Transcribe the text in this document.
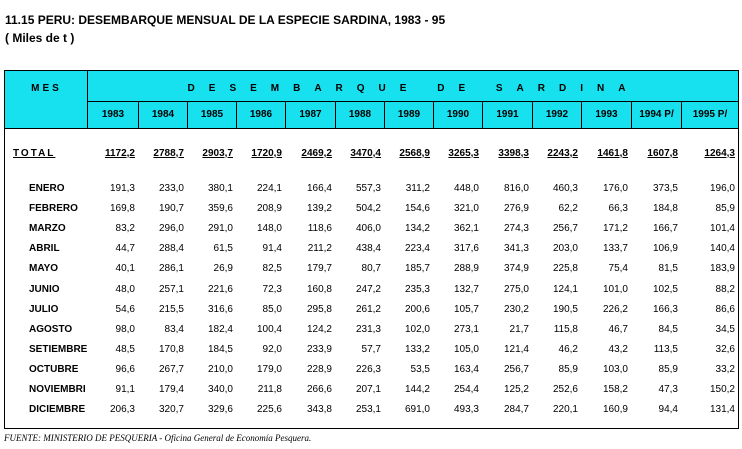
11.15 PERU: DESEMBARQUE MENSUAL DE LA ESPECIE SARDINA, 1983 - 95
( Miles de t )
MES	DESEMBARQUE DE SARDINA
1983	1984	1985	1986	1987	1988	1989	1990	1991	1992	1993	1994 P/	1995 P/
TOTAL	1172,2	2788,7	2903,7	1720,9	2469,2	3470,4	2568,9	3265,3	3398,3	2243,2	1461,8	1607,8	1264,3
ENERO	191,3	233,0	380,1	224,1	166,4	557,3	311,2	448,0	816,0	460,3	176,0	373,5	196,0
FEBRERO	169,8	190,7	359,6	208,9	139,2	504,2	154,6	321,0	276,9	62,2	66,3	184,8	85,9
MARZO	83,2	296,0	291,0	148,0	118,6	406,0	134,2	362,1	274,3	256,7	171,2	166,7	101,4
ABRIL	44,7	288,4	61,5	91,4	211,2	438,4	223,4	317,6	341,3	203,0	133,7	106,9	140,4
MAYO	40,1	286,1	26,9	82,5	179,7	80,7	185,7	288,9	374,9	225,8	75,4	81,5	183,9
JUNIO	48,0	257,1	221,6	72,3	160,8	247,2	235,3	132,7	275,0	124,1	101,0	102,5	88,2
JULIO	54,6	215,5	316,6	85,0	295,8	261,2	200,6	105,7	230,2	190,5	226,2	166,3	86,6
AGOSTO	98,0	83,4	182,4	100,4	124,2	231,3	102,0	273,1	21,7	115,8	46,7	84,5	34,5
SETIEMBRE	48,5	170,8	184,5	92,0	233,9	57,7	133,2	105,0	121,4	46,2	43,2	113,5	32,6
OCTUBRE	96,6	267,7	210,0	179,0	228,9	226,3	53,5	163,4	256,7	85,9	103,0	85,9	33,2
NOVIEMBRI	91,1	179,4	340,0	211,8	266,6	207,1	144,2	254,4	125,2	252,6	158,2	47,3	150,2
DICIEMBRE	206,3	320,7	329,6	225,6	343,8	253,1	691,0	493,3	284,7	220,1	160,9	94,4	131,4
FUENTE: MINISTERIO DE PESQUERIA - Oficina General de Economía Pesquera.
